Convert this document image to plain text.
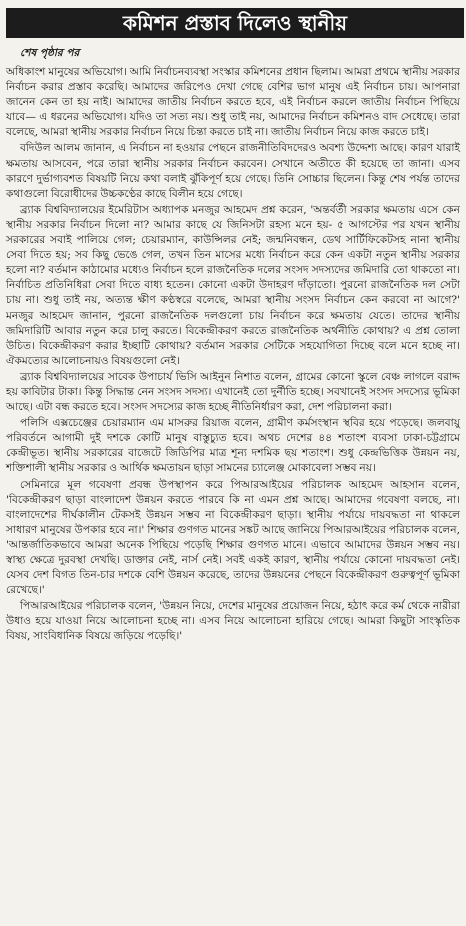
কমিশন প্রস্তাব দিলেও স্থানীয়
শেষ পৃষ্ঠার পর

অধিকাংশ মানুষের অভিযোগ। আমি নির্বাচনব্যবস্থা সংস্কার কমিশনের প্রধান ছিলাম। আমরা প্রথমে স্থানীয় সরকার নির্বাচন করার প্রস্তাব করেছি। আমাদের জরিপেও দেখা গেছে বেশির ভাগ মানুষ এই নির্বাচন চায়। আপনারা জানেন কেন তা হয় নাই। আমাদের জাতীয় নির্বাচন করতে হবে, এই নির্বাচন করলে জাতীয় নির্বাচন পিছিয়ে যাবে— এ ধরনের অভিযোগ। যদিও তা সত্য নয়। শুধু তাই নয়, আমাদের নির্বাচন কমিশনও বাদ সেধেছে। তারা বলেছে, আমরা স্থানীয় সরকার নির্বাচন নিয়ে চিন্তা করতে চাই না। জাতীয় নির্বাচন নিয়ে কাজ করতে চাই।

বদিউল আলম জানান, এ নির্বাচন না হওয়ার পেছনে রাজনীতিবিদদেরও অবশ্য উদ্দেশ্য আছে। কারণ যারাই ক্ষমতায় আসবেন, পরে তারা স্থানীয় সরকার নির্বাচন করবেন। সেখানে অতীতে কী হয়েছে তা জানা। এসব কারণে দুর্ভাগ্যবশত বিষয়টি নিয়ে কথা বলাই ঝুঁকিপূর্ণ হয়ে গেছে। তিনি সোচ্চার ছিলেন। কিন্তু শেষ পর্যন্ত তাদের কথাগুলো বিরোধীদের উচ্চকণ্ঠের কাছে বিলীন হয়ে গেছে।

ব্র্যাক বিশ্ববিদ্যালয়ের ইমেরিটাস অধ্যাপক মনজুর আহমেদ প্রশ্ন করেন, 'অন্তর্বর্তী সরকার ক্ষমতায় এসে কেন স্থানীয় সরকার নির্বাচন দিলো না? আমার কাছে যে জিনিসটা রহস্য মনে হয়- ৫ আগস্টের পর যখন স্থানীয় সরকারের সবাই পালিয়ে গেল; চেয়ারম্যান, কাউন্সিলর নেই; জন্মনিবন্ধন, ডেথ সার্টিফিকেটসহ নানা স্থানীয় সেবা দিতে হয়; সব কিছু ভেঙে গেল, তখন তিন মাসের মধ্যে নির্বাচন করে কেন একটা নতুন স্থানীয় সরকার হলো না? বর্তমান কাঠামোর মধ্যেও নির্বাচন হলে রাজনৈতিক দলের সংসদ সদস্যদের জমিদারি তো থাকতো না। নির্বাচিত প্রতিনিধিরা সেবা দিতে বাধ্য হতেন। কোনো একটা উদাহরণ দাঁড়াতো। পুরনো রাজনৈতিক দল সেটা চায় না। শুধু তাই নয়, অত্যন্ত ক্ষীণ কণ্ঠস্বরে বলেছে, আমরা স্থানীয় সংসদ নির্বাচন কেন করবো না আগে?' মনজুর আহমেদ জানান, পুরনো রাজনৈতিক দলগুলো চায় নির্বাচন করে ক্ষমতায় যেতে। তাদের স্থানীয় জমিদারিটি আবার নতুন করে চালু করতে। বিকেন্দ্রীকরণ করতে রাজনৈতিক অর্থনীতি কোথায়? এ প্রশ্ন তোলা উচিত। বিকেন্দ্রীকরণ করার ইচ্ছাটি কোথায়? বর্তমান সরকার সেটিকে সহযোগিতা দিচ্ছে বলে মনে হচ্ছে না। ঐকমত্যের আলোচনায়ও বিষয়গুলো নেই।

ব্র্যাক বিশ্ববিদ্যালয়ের সাবেক উপাচার্য ভিসি আইনুন নিশাত বলেন, গ্রামের কোনো স্কুলে বেঞ্চ লাগলে বরাদ্দ হয় কাবিটার টাকা। কিন্তু সিদ্ধান্ত নেন সংসদ সদস্য। এখানেই তো দুর্নীতি হচ্ছে। সবখানেই সংসদ সদস্যের ভূমিকা আছে। এটা বন্ধ করতে হবে। সংসদ সদস্যের কাজ হচ্ছে নীতিনির্ধারণ করা, দেশ পরিচালনা করা।

পলিসি এক্সচেঞ্জের চেয়ারম্যান এম মাসরুর রিয়াজ বলেন, গ্রামীণ কর্মসংস্থান স্থবির হয়ে পড়েছে। জলবায়ু পরিবর্তনে আগামী দুই দশকে কোটি মানুষ বাস্তুচ্যুত হবে। অথচ দেশের ৪৪ শতাংশ ব্যবসা ঢাকা-চট্টগ্রামে কেন্দ্রীভূত। স্থানীয় সরকারের বাজেটে জিডিপির মাত্র শূন্য দশমিক ছয় শতাংশ। শুধু কেন্দ্রভিত্তিক উন্নয়ন নয়, শক্তিশালী স্থানীয় সরকার ও আর্থিক ক্ষমতায়ন ছাড়া সামনের চ্যালেঞ্জ মোকাবেলা সম্ভব নয়।

সেমিনারে মূল গবেষণা প্রবন্ধ উপস্থাপন করে পিআরআইয়ের পরিচালক আহমেদ আহসান বলেন, 'বিকেন্দ্রীকরণ ছাড়া বাংলাদেশ উন্নয়ন করতে পারবে কি না এমন প্রশ্ন আছে। আমাদের গবেষণা বলছে, না। বাংলাদেশের দীর্ঘকালীন টেকসই উন্নয়ন সম্ভব না বিকেন্দ্রীকরণ ছাড়া। স্থানীয় পর্যায়ে দায়বদ্ধতা না থাকলে সাধারণ মানুষের উপকার হবে না।' শিক্ষার গুণগত মানের সঙ্কট আছে জানিয়ে পিআরআইয়ের পরিচালক বলেন, 'আন্তর্জাতিকভাবে আমরা অনেক পিছিয়ে পড়েছি শিক্ষার গুণগত মানে। এভাবে আমাদের উন্নয়ন সম্ভব নয়। স্বাস্থ্য ক্ষেত্রে দুরবস্থা দেখছি। ডাক্তার নেই, নার্স নেই। সবই একই কারণ, স্থানীয় পর্যায়ে কোনো দায়বদ্ধতা নেই। যেসব দেশ বিগত তিন-চার দশকে বেশি উন্নয়ন করেছে, তাদের উন্নয়নের পেছনে বিকেন্দ্রীকরণ গুরুত্বপূর্ণ ভূমিকা রেখেছে।'

পিআরআইয়ের পরিচালক বলেন, 'উন্নয়ন নিয়ে, দেশের মানুষের প্রয়োজন নিয়ে, হঠাৎ করে কর্ম থেকে নারীরা উধাও হয়ে যাওয়া নিয়ে আলোচনা হচ্ছে না। এসব নিয়ে আলোচনা হারিয়ে গেছে। আমরা কিছুটা সাংস্কৃতিক বিষয়, সাংবিধানিক বিষয়ে জড়িয়ে পড়েছি।'
